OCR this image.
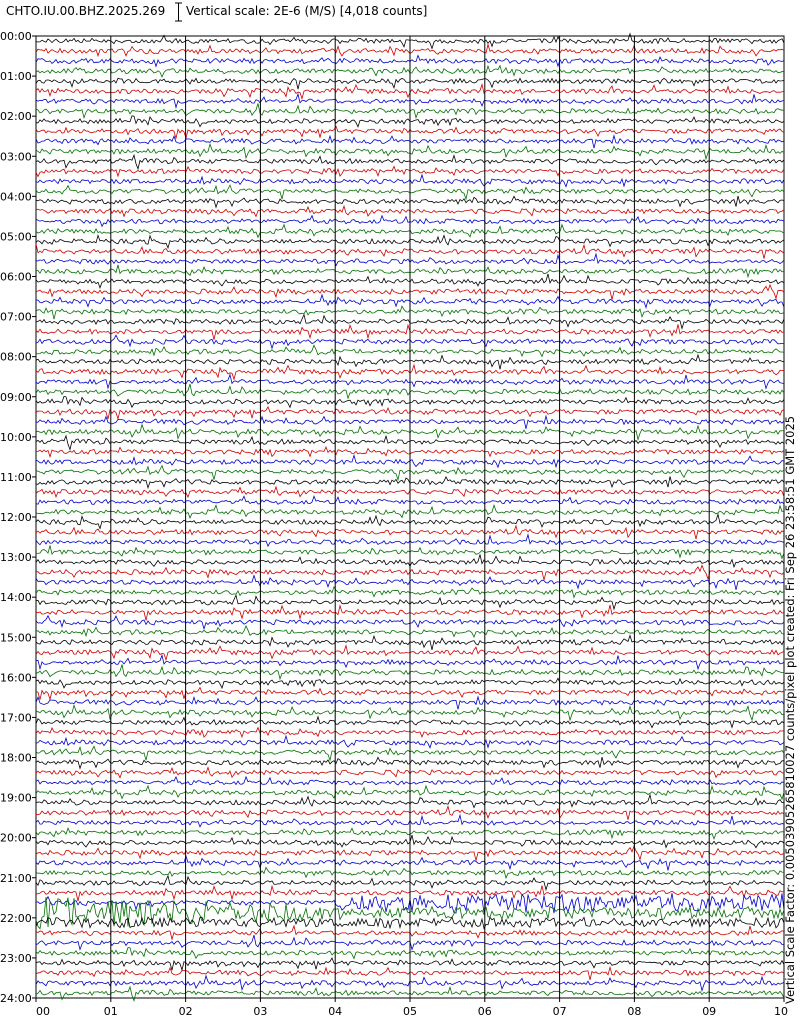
CHTO.IU.00.BHZ.2025.269 Vertical scale: 2E-6 (M/S) [4,018 counts]
00:00
01:00
02:00
03:00
04:00
05:00
06:00
07:00
08:00
09:00
10:00
11:00
12:00
13:00
14:00
15:00
16:00
17:00
18:00
19:00
20:00
21:00
22:00
23:00
24:00
00	01	02	03	04	05	06	07	08	09	10
Vertical Scale Factor: 0.00503905265810027 counts/pixel plot created: Fri Sep 26 23:58:51 GMT 2025
